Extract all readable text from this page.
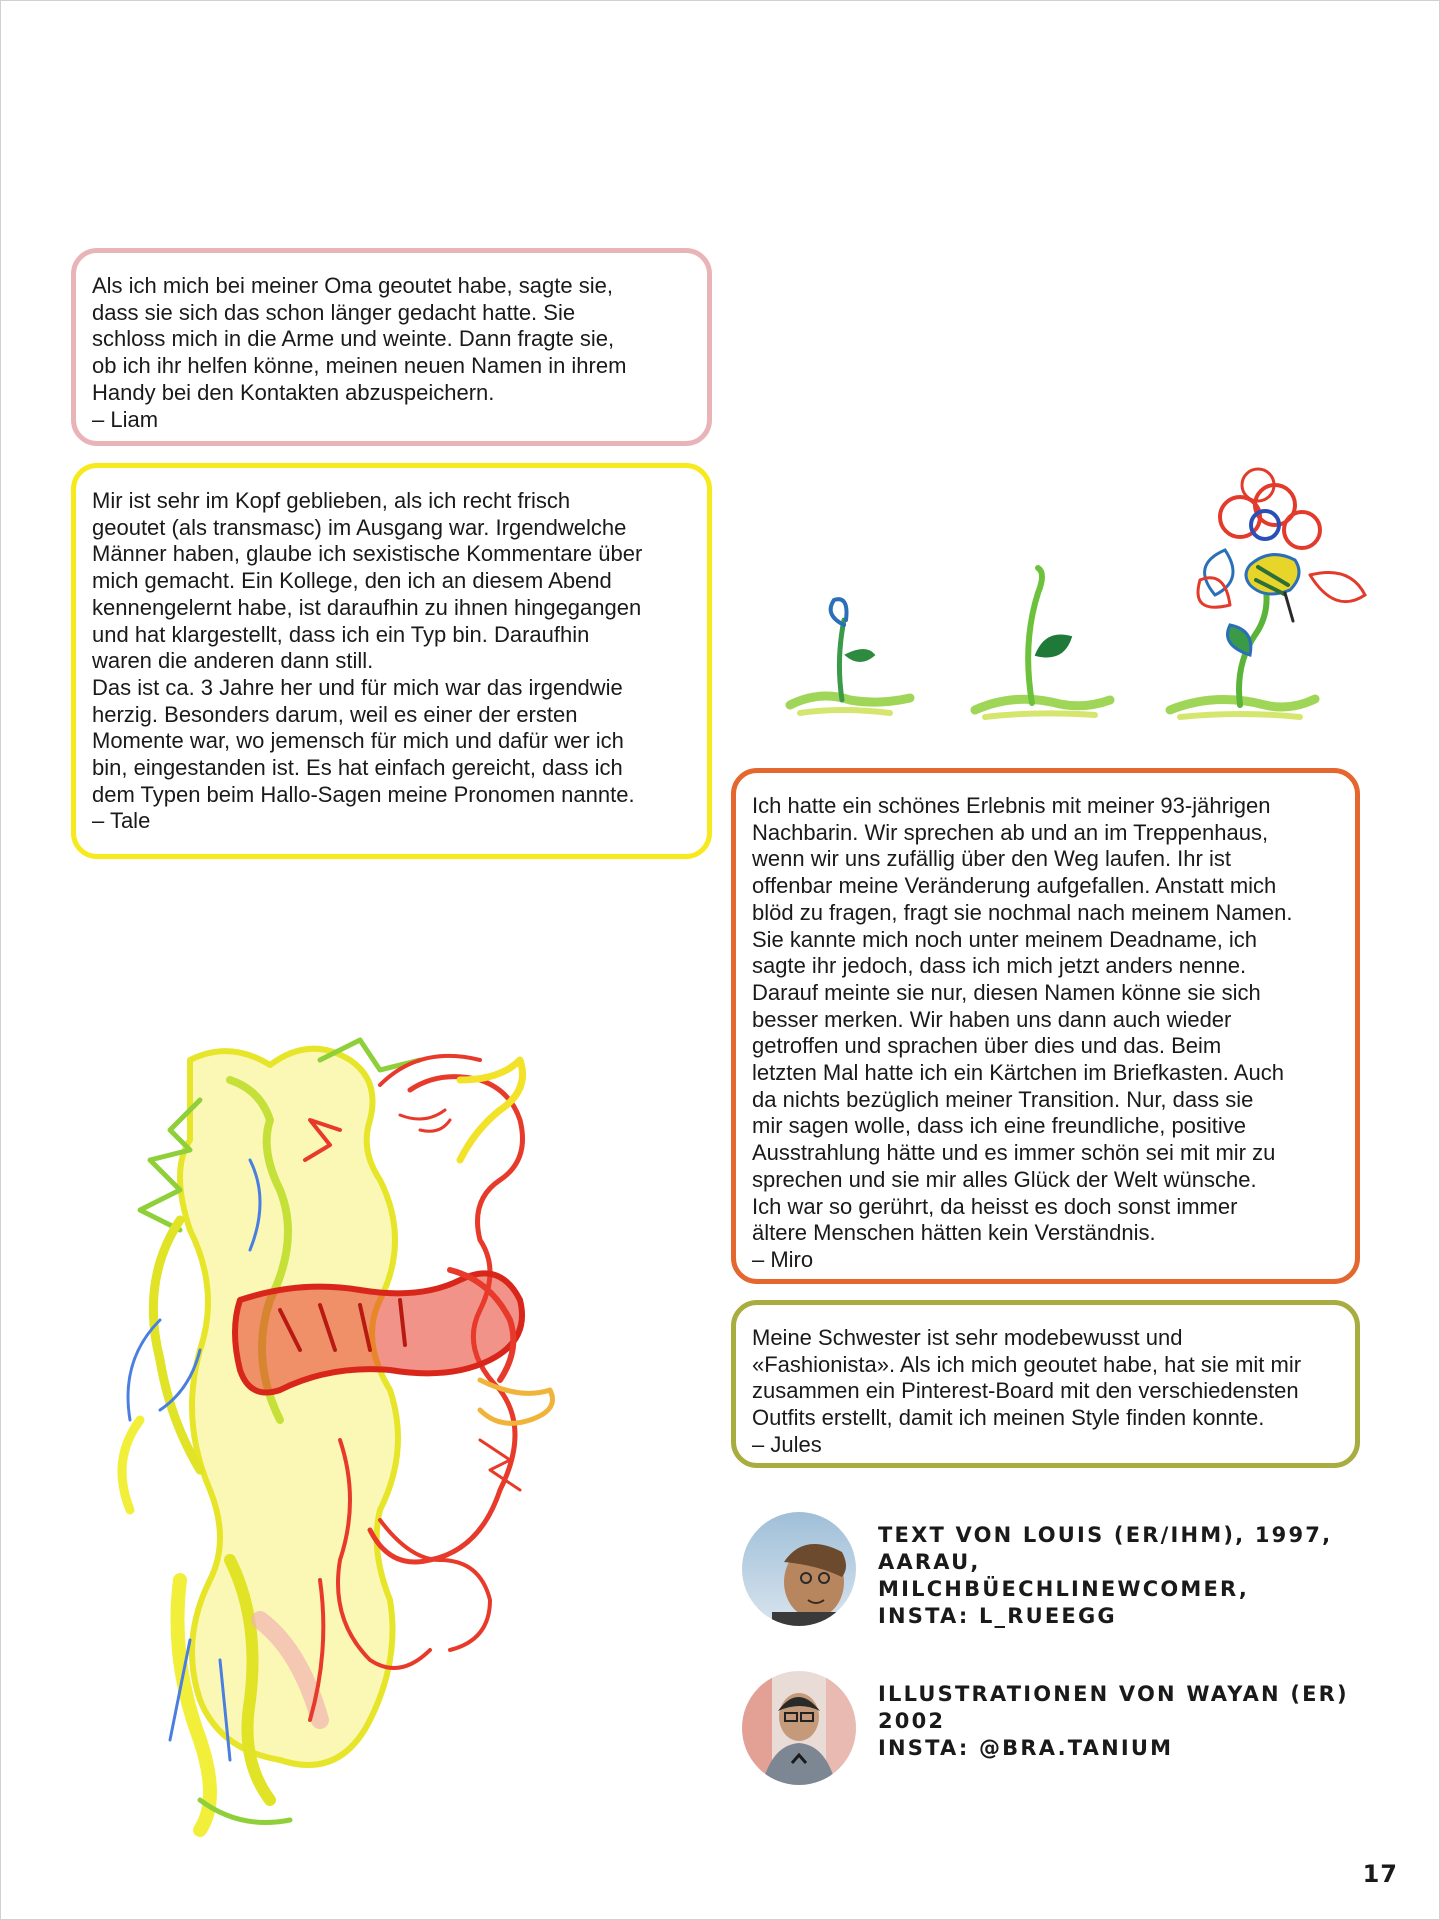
Als ich mich bei meiner Oma geoutet habe, sagte sie,
dass sie sich das schon länger gedacht hatte. Sie
schloss mich in die Arme und weinte. Dann fragte sie,
ob ich ihr helfen könne, meinen neuen Namen in ihrem
Handy bei den Kontakten abzuspeichern.

– Liam

Mir ist sehr im Kopf geblieben, als ich recht frisch
geoutet (als transmasc) im Ausgang war. Irgendwelche
Männer haben, glaube ich sexistische Kommentare über
mich gemacht. Ein Kollege, den ich an diesem Abend
kennengelernt habe, ist daraufhin zu ihnen hingegangen
und hat klargestellt, dass ich ein Typ bin. Daraufhin
waren die anderen dann still.
Das ist ca. 3 Jahre her und für mich war das irgendwie
herzig. Besonders darum, weil es einer der ersten
Momente war, wo jemensch für mich und dafür wer ich
bin, eingestanden ist. Es hat einfach gereicht, dass ich
dem Typen beim Hallo-Sagen meine Pronomen nannte.

– Tale

Ich hatte ein schönes Erlebnis mit meiner 93-jährigen
Nachbarin. Wir sprechen ab und an im Treppenhaus,
wenn wir uns zufällig über den Weg laufen. Ihr ist
offenbar meine Veränderung aufgefallen. Anstatt mich
blöd zu fragen, fragt sie nochmal nach meinem Namen.
Sie kannte mich noch unter meinem Deadname, ich
sagte ihr jedoch, dass ich mich jetzt anders nenne.
Darauf meinte sie nur, diesen Namen könne sie sich
besser merken. Wir haben uns dann auch wieder
getroffen und sprachen über dies und das. Beim
letzten Mal hatte ich ein Kärtchen im Briefkasten. Auch
da nichts bezüglich meiner Transition. Nur, dass sie
mir sagen wolle, dass ich eine freundliche, positive
Ausstrahlung hätte und es immer schön sei mit mir zu
sprechen und sie mir alles Glück der Welt wünsche.
Ich war so gerührt, da heisst es doch sonst immer
ältere Menschen hätten kein Verständnis.

– Miro

Meine Schwester ist sehr modebewusst und
«Fashionista». Als ich mich geoutet habe, hat sie mit mir
zusammen ein Pinterest-Board mit den verschiedensten
Outfits erstellt, damit ich meinen Style finden konnte.

– Jules

TEXT VON LOUIS (ER/IHM), 1997,
AARAU,
MILCHBÜECHLINEWCOMER,
INSTA: L_RUEEGG
ILLUSTRATIONEN VON WAYAN (ER)
2002
INSTA: @BRA.TANIUM
17
